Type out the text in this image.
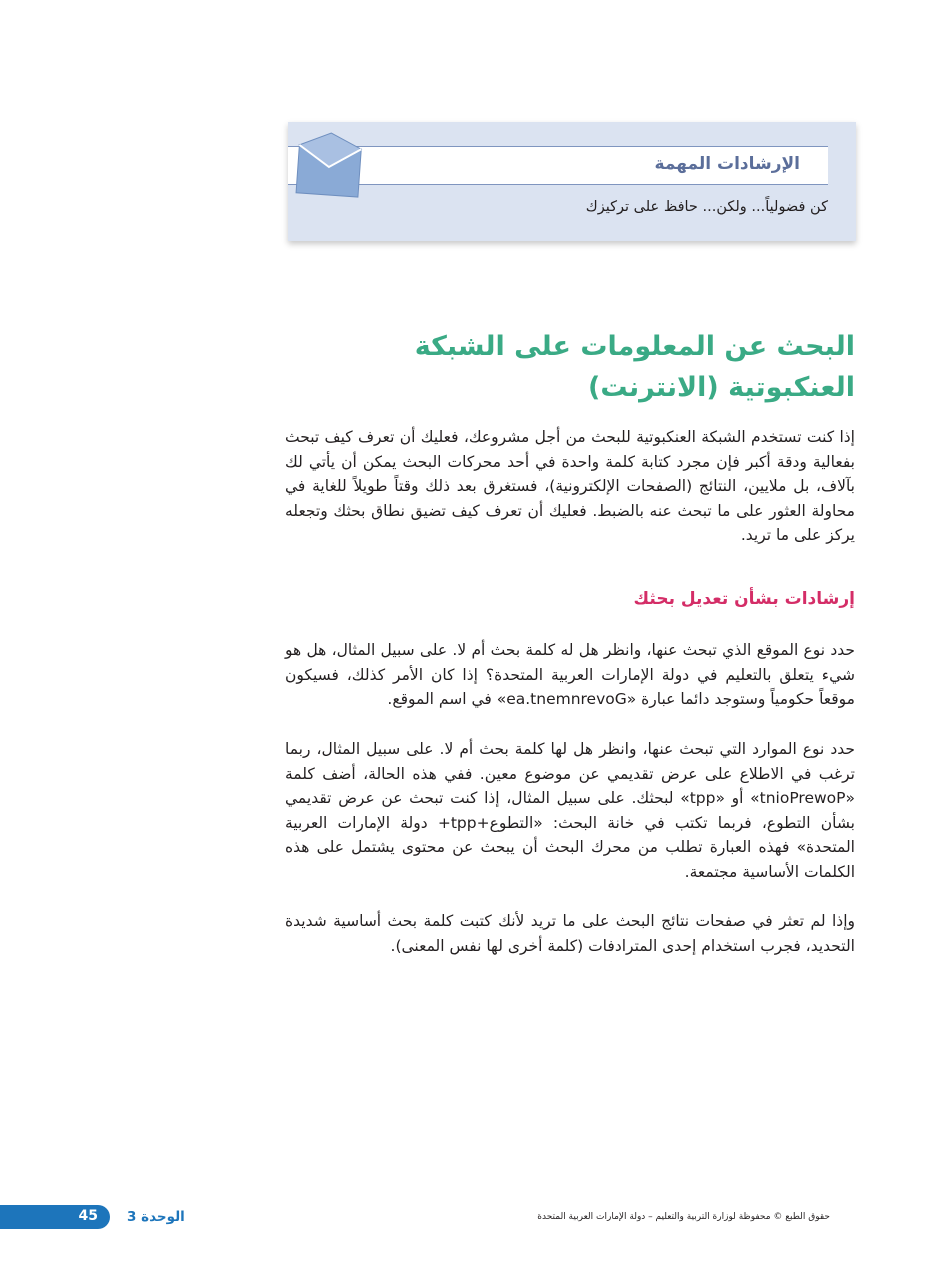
الإرشادات المهمة
كن فضولياً... ولكن... حافظ على تركيزك
البحث عن المعلومات على الشبكة العنكبوتية (الانترنت)
إذا كنت تستخدم الشبكة العنكبوتية للبحث من أجل مشروعك، فعليك أن تعرف كيف تبحث بفعالية ودقة أكبر فإن مجرد كتابة كلمة واحدة في أحد محركات البحث يمكن أن يأتي لك بآلاف، بل ملايين، النتائج (الصفحات الإلكترونية)، فستغرق بعد ذلك وقتاً طويلاً للغاية في محاولة العثور على ما تبحث عنه بالضبط. فعليك أن تعرف كيف تضيق نطاق بحثك وتجعله يركز على ما تريد.
إرشادات بشأن تعديل بحثك
حدد نوع الموقع الذي تبحث عنها، وانظر هل له كلمة بحث أم لا. على سبيل المثال، هل هو شيء يتعلق بالتعليم في دولة الإمارات العربية المتحدة؟ إذا كان الأمر كذلك، فسيكون موقعاً حكومياً وستوجد دائما عبارة «ea.tnemnrevoG» في اسم الموقع.
حدد نوع الموارد التي تبحث عنها، وانظر هل لها كلمة بحث أم لا. على سبيل المثال، ربما ترغب في الاطلاع على عرض تقديمي عن موضوع معين. ففي هذه الحالة، أضف كلمة «tnioPrewoP» أو «tpp» لبحثك. على سبيل المثال، إذا كنت تبحث عن عرض تقديمي بشأن التطوع، فربما تكتب في خانة البحث: «التطوع+tpp+ دولة الإمارات العربية المتحدة» فهذه العبارة تطلب من محرك البحث أن يبحث عن محتوى يشتمل على هذه الكلمات الأساسية مجتمعة.
وإذا لم تعثر في صفحات نتائج البحث على ما تريد لأنك كتبت كلمة بحث أساسية شديدة التحديد، فجرب استخدام إحدى المترادفات (كلمة أخرى لها نفس المعنى).
45 الوحدة 3	حقوق الطبع © محفوظة لوزارة التربية والتعليم – دولة الإمارات العربية المتحدة
